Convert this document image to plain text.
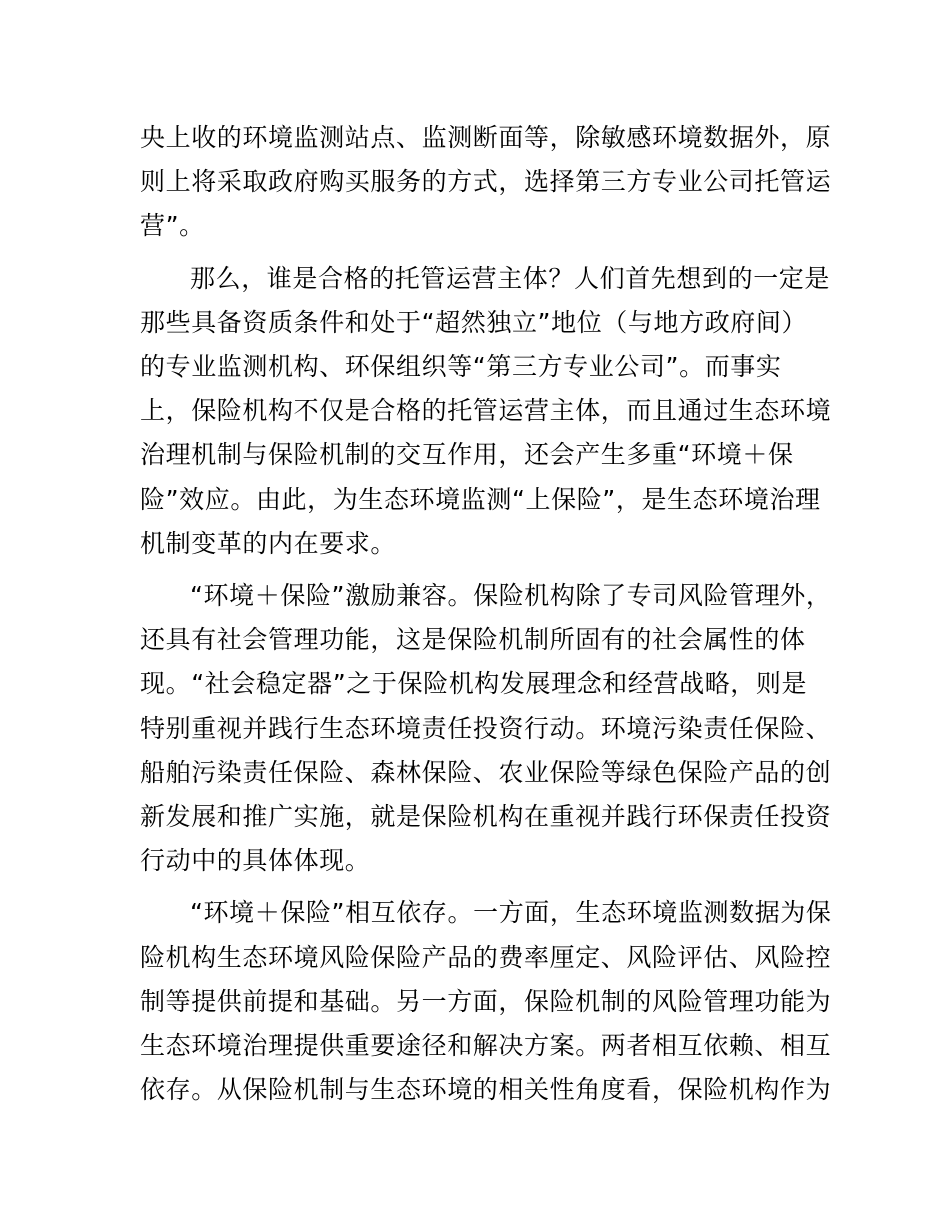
央上收的环境监测站点、监测断面等，除敏感环境数据外，原
则上将采取政府购买服务的方式，选择第三方专业公司托管运
营”。

那么，谁是合格的托管运营主体？人们首先想到的一定是
那些具备资质条件和处于“超然独立”地位（与地方政府间）
的专业监测机构、环保组织等“第三方专业公司”。而事实
上，保险机构不仅是合格的托管运营主体，而且通过生态环境
治理机制与保险机制的交互作用，还会产生多重“环境＋保
险”效应。由此，为生态环境监测“上保险”，是生态环境治理
机制变革的内在要求。

“环境＋保险”激励兼容。保险机构除了专司风险管理外，
还具有社会管理功能，这是保险机制所固有的社会属性的体
现。“社会稳定器”之于保险机构发展理念和经营战略，则是
特别重视并践行生态环境责任投资行动。环境污染责任保险、
船舶污染责任保险、森林保险、农业保险等绿色保险产品的创
新发展和推广实施，就是保险机构在重视并践行环保责任投资
行动中的具体体现。

“环境＋保险”相互依存。一方面，生态环境监测数据为保
险机构生态环境风险保险产品的费率厘定、风险评估、风险控
制等提供前提和基础。另一方面，保险机制的风险管理功能为
生态环境治理提供重要途径和解决方案。两者相互依赖、相互
依存。从保险机制与生态环境的相关性角度看，保险机构作为
